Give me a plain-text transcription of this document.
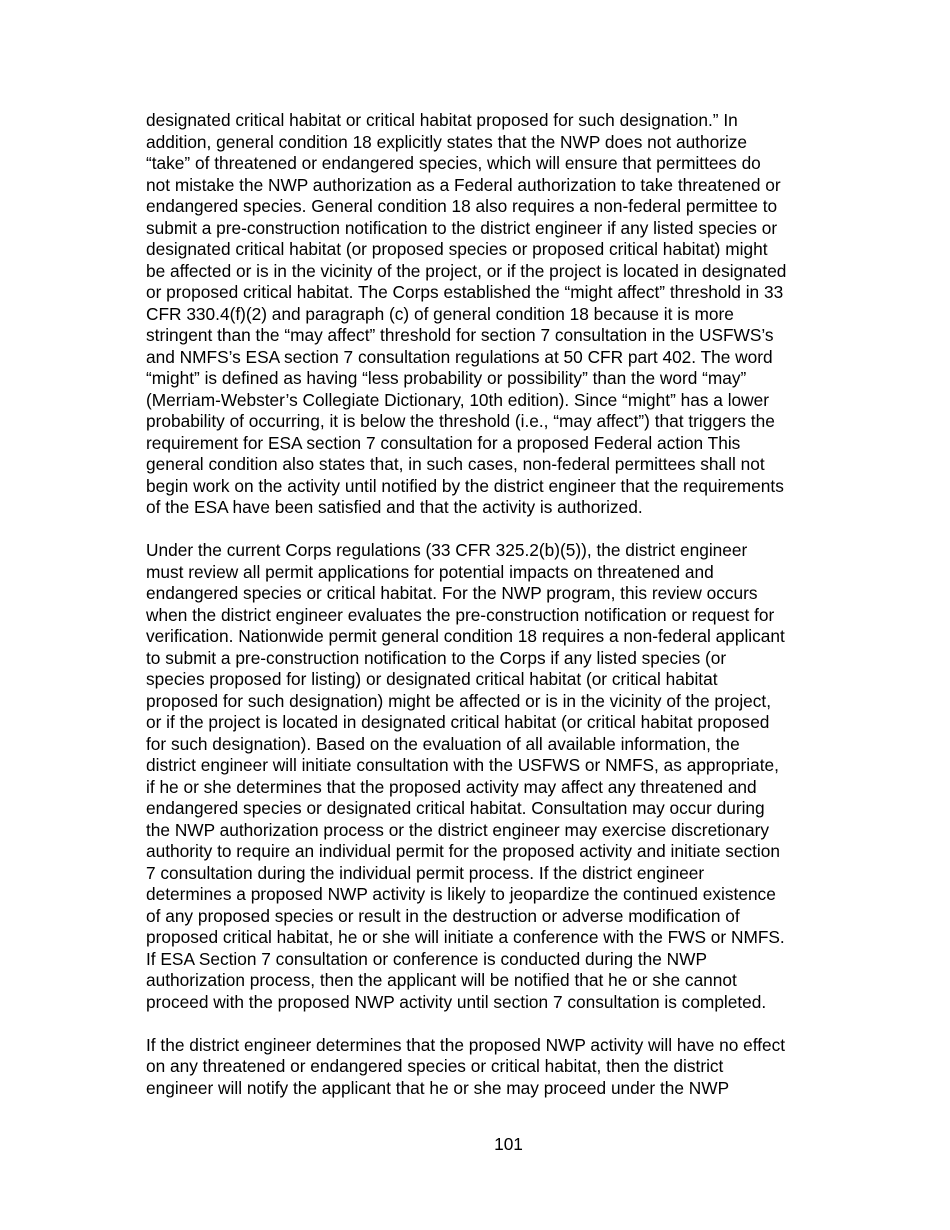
designated critical habitat or critical habitat proposed for such designation.” In
addition, general condition 18 explicitly states that the NWP does not authorize
“take” of threatened or endangered species, which will ensure that permittees do
not mistake the NWP authorization as a Federal authorization to take threatened or
endangered species. General condition 18 also requires a non-federal permittee to
submit a pre-construction notification to the district engineer if any listed species or
designated critical habitat (or proposed species or proposed critical habitat) might
be affected or is in the vicinity of the project, or if the project is located in designated
or proposed critical habitat. The Corps established the “might affect” threshold in 33
CFR 330.4(f)(2) and paragraph (c) of general condition 18 because it is more
stringent than the “may affect” threshold for section 7 consultation in the USFWS’s
and NMFS’s ESA section 7 consultation regulations at 50 CFR part 402. The word
“might” is defined as having “less probability or possibility” than the word “may”
(Merriam-Webster’s Collegiate Dictionary, 10th edition). Since “might” has a lower
probability of occurring, it is below the threshold (i.e., “may affect”) that triggers the
requirement for ESA section 7 consultation for a proposed Federal action This
general condition also states that, in such cases, non-federal permittees shall not
begin work on the activity until notified by the district engineer that the requirements
of the ESA have been satisfied and that the activity is authorized.
Under the current Corps regulations (33 CFR 325.2(b)(5)), the district engineer
must review all permit applications for potential impacts on threatened and
endangered species or critical habitat. For the NWP program, this review occurs
when the district engineer evaluates the pre-construction notification or request for
verification. Nationwide permit general condition 18 requires a non-federal applicant
to submit a pre-construction notification to the Corps if any listed species (or
species proposed for listing) or designated critical habitat (or critical habitat
proposed for such designation) might be affected or is in the vicinity of the project,
or if the project is located in designated critical habitat (or critical habitat proposed
for such designation). Based on the evaluation of all available information, the
district engineer will initiate consultation with the USFWS or NMFS, as appropriate,
if he or she determines that the proposed activity may affect any threatened and
endangered species or designated critical habitat. Consultation may occur during
the NWP authorization process or the district engineer may exercise discretionary
authority to require an individual permit for the proposed activity and initiate section
7 consultation during the individual permit process. If the district engineer
determines a proposed NWP activity is likely to jeopardize the continued existence
of any proposed species or result in the destruction or adverse modification of
proposed critical habitat, he or she will initiate a conference with the FWS or NMFS.
If ESA Section 7 consultation or conference is conducted during the NWP
authorization process, then the applicant will be notified that he or she cannot
proceed with the proposed NWP activity until section 7 consultation is completed.
If the district engineer determines that the proposed NWP activity will have no effect
on any threatened or endangered species or critical habitat, then the district
engineer will notify the applicant that he or she may proceed under the NWP
101
